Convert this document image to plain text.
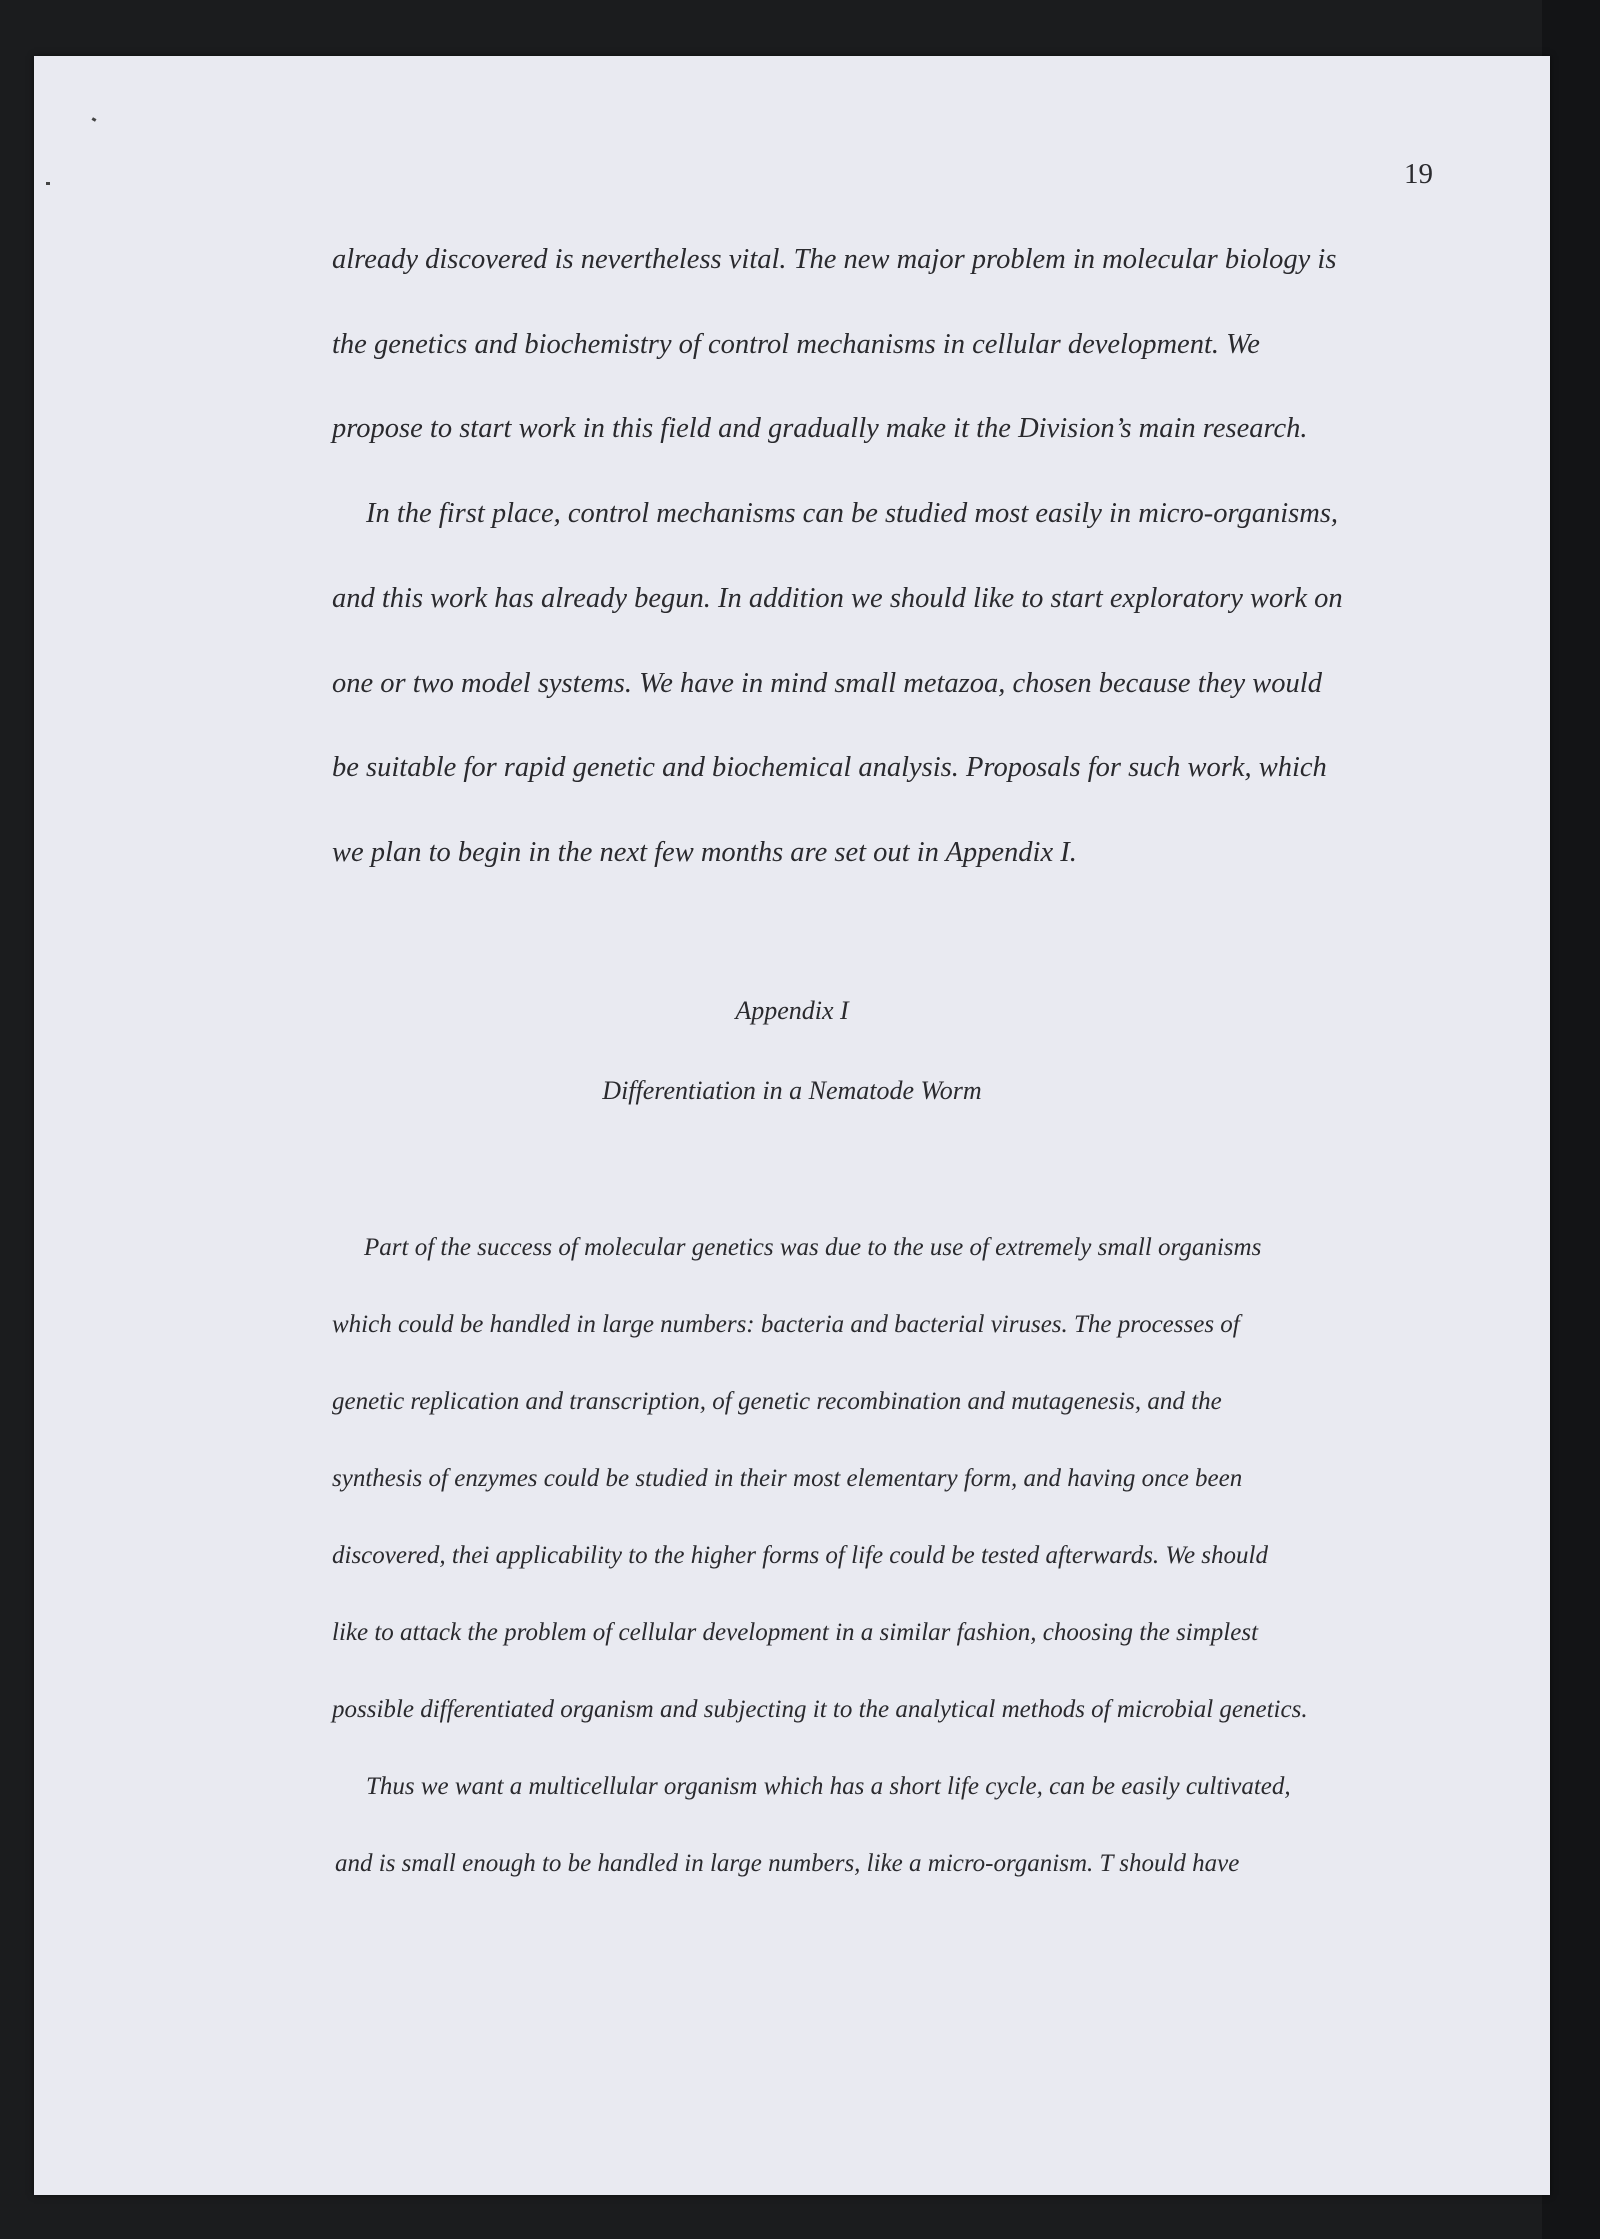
19
already discovered is nevertheless vital. The new major problem in molecular biology is
the genetics and biochemistry of control mechanisms in cellular development. We
propose to start work in this field and gradually make it the Division’s main research.
In the first place, control mechanisms can be studied most easily in micro-organisms,
and this work has already begun. In addition we should like to start exploratory work on
one or two model systems. We have in mind small metazoa, chosen because they would
be suitable for rapid genetic and biochemical analysis. Proposals for such work, which
we plan to begin in the next few months are set out in Appendix I.
Appendix I
Differentiation in a Nematode Worm
Part of the success of molecular genetics was due to the use of extremely small organisms
which could be handled in large numbers: bacteria and bacterial viruses. The processes of
genetic replication and transcription, of genetic recombination and mutagenesis, and the
synthesis of enzymes could be studied in their most elementary form, and having once been
discovered, thei applicability to the higher forms of life could be tested afterwards. We should
like to attack the problem of cellular development in a similar fashion, choosing the simplest
possible differentiated organism and subjecting it to the analytical methods of microbial genetics.
Thus we want a multicellular organism which has a short life cycle, can be easily cultivated,
and is small enough to be handled in large numbers, like a micro-organism. T should have
